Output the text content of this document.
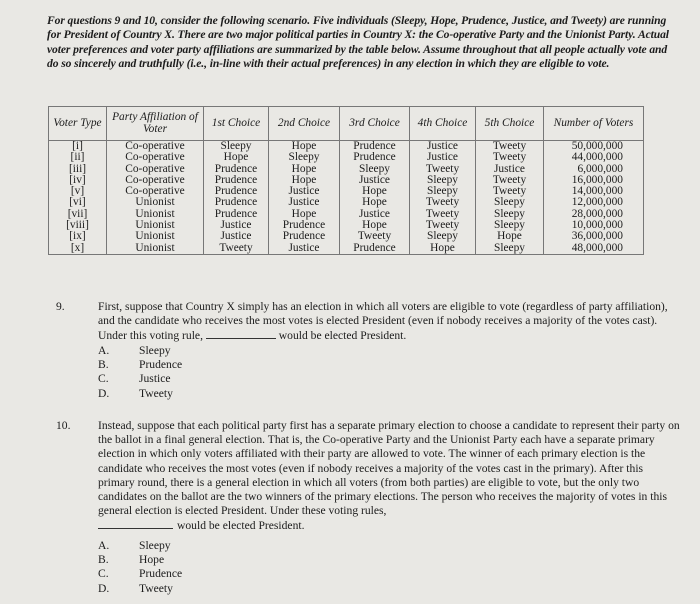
For questions 9 and 10, consider the following scenario. Five individuals (Sleepy, Hope, Prudence, Justice, and Tweety) are running for President of Country X. There are two major political parties in Country X: the Co-operative Party and the Unionist Party. Actual voter preferences and voter party affiliations are summarized by the table below. Assume throughout that all people actually vote and do so sincerely and truthfully (i.e., in-line with their actual preferences) in any election in which they are eligible to vote.
Voter Type	Party Affiliation of Voter	1st Choice	2nd Choice	3rd Choice	4th Choice	5th Choice	Number of Voters
[i]	Co-operative	Sleepy	Hope	Prudence	Justice	Tweety	50,000,000
[ii]	Co-operative	Hope	Sleepy	Prudence	Justice	Tweety	44,000,000
[iii]	Co-operative	Prudence	Hope	Sleepy	Tweety	Justice	6,000,000
[iv]	Co-operative	Prudence	Hope	Justice	Sleepy	Tweety	16,000,000
[v]	Co-operative	Prudence	Justice	Hope	Sleepy	Tweety	14,000,000
[vi]	Unionist	Prudence	Justice	Hope	Tweety	Sleepy	12,000,000
[vii]	Unionist	Prudence	Hope	Justice	Tweety	Sleepy	28,000,000
[viii]	Unionist	Justice	Prudence	Hope	Tweety	Sleepy	10,000,000
[ix]	Unionist	Justice	Prudence	Tweety	Sleepy	Hope	36,000,000
[x]	Unionist	Tweety	Justice	Prudence	Hope	Sleepy	48,000,000
9.	First, suppose that Country X simply has an election in which all voters are eligible to vote (regardless of party affiliation), and the candidate who receives the most votes is elected President (even if nobody receives a majority of the votes cast). Under this voting rule,	would be elected President.
A.	Sleepy
B.	Prudence
C.	Justice
D.	Tweety
10. Instead, suppose that each political party first has a separate primary election to choose a candidate to represent their party on the ballot in a final general election. That is, the Co-operative Party and the Unionist Party each have a separate primary election in which only voters affiliated with their party are allowed to vote. The winner of each primary election is the candidate who receives the most votes (even if nobody receives a majority of the votes cast in the primary). After this primary round, there is a general election in which all voters (from both parties) are eligible to vote, but the only two candidates on the ballot are the two winners of the primary elections. The person who receives the majority of votes in this general election is elected President. Under these voting rules,
would be elected President.
A.	Sleepy
B.	Hope
C.	Prudence
D.	Tweety
